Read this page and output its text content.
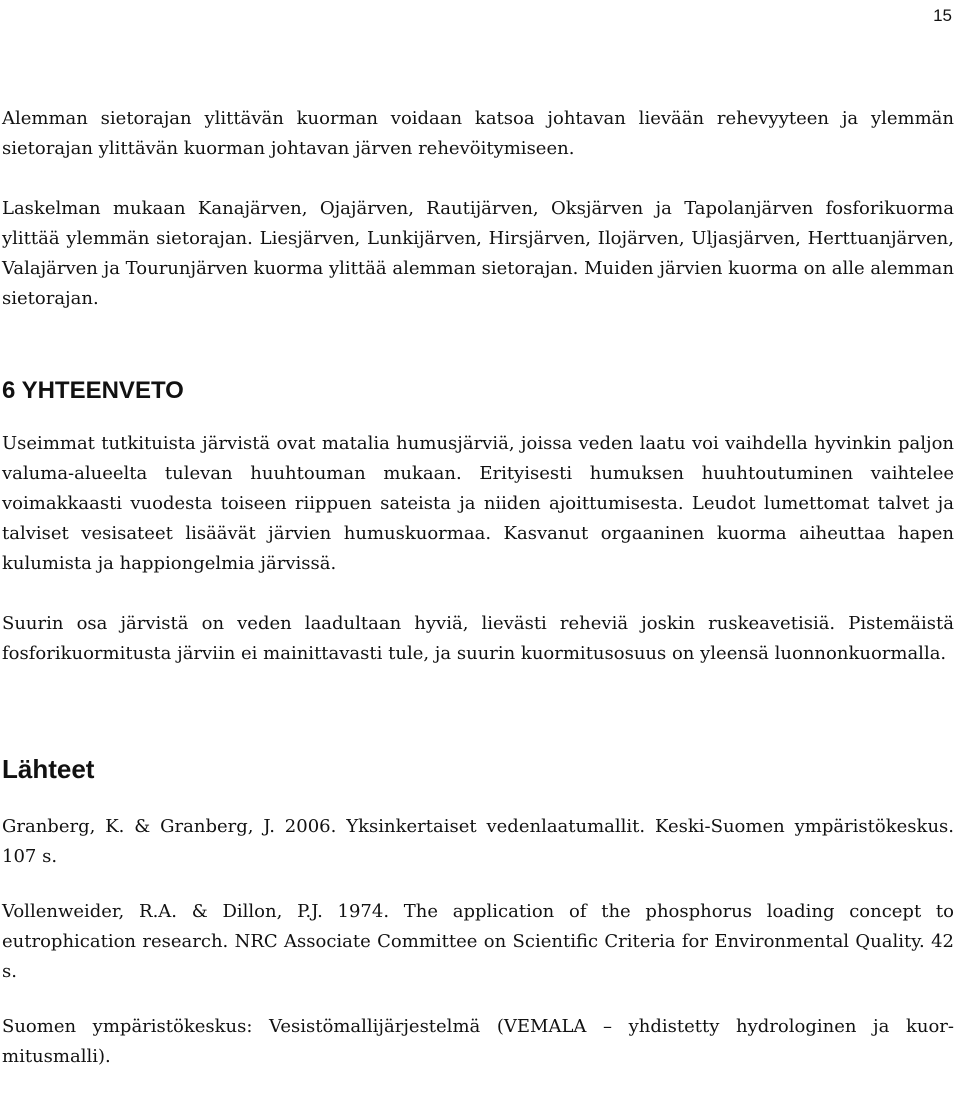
15

Alemman sietorajan ylittävän kuorman voidaan katsoa johtavan lievään rehevyyteen ja ylemmän sietorajan ylittävän kuorman johtavan järven rehevöitymiseen.

Laskelman mukaan Kanajärven, Ojajärven, Rautijärven, Oksjärven ja Tapolanjärven fosforikuorma ylittää ylemmän sietorajan. Liesjärven, Lunkijärven, Hirsjärven, Ilojärven, Uljasjärven, Herttuanjärven, Valajärven ja Tourunjärven kuorma ylittää alemman sietorajan. Muiden järvien kuorma on alle alemman sietorajan.

6 YHTEENVETO

Useimmat tutkituista järvistä ovat matalia humusjärviä, joissa veden laatu voi vaihdella hyvinkin paljon valuma-alueelta tulevan huuhtouman mukaan. Erityisesti humuksen huuhtoutuminen vaihtelee voimakkaasti vuodesta toiseen riippuen sateista ja niiden ajoittumisesta. Leudot lumettomat talvet ja talviset vesisateet lisäävät järvien humuskuormaa. Kasvanut orgaaninen kuorma aiheuttaa hapen kulumista ja happiongelmia järvissä.

Suurin osa järvistä on veden laadultaan hyviä, lievästi reheviä joskin ruskeavetisiä. Pistemäistä fosforikuormitusta järviin ei mainittavasti tule, ja suurin kuormitusosuus on yleensä luonnonkuormalla.

Lähteet

Granberg, K. & Granberg, J. 2006. Yksinkertaiset vedenlaatumallit. Keski-Suomen ympäristökeskus. 107 s.

Vollenweider, R.A. & Dillon, P.J. 1974. The application of the phosphorus loading concept to eutrophication research. NRC Associate Committee on Scientific Criteria for Environmental Quality. 42 s.

Suomen ympäristökeskus: Vesistömallijärjestelmä (VEMALA – yhdistetty hydrologinen ja kuormitusmalli).
